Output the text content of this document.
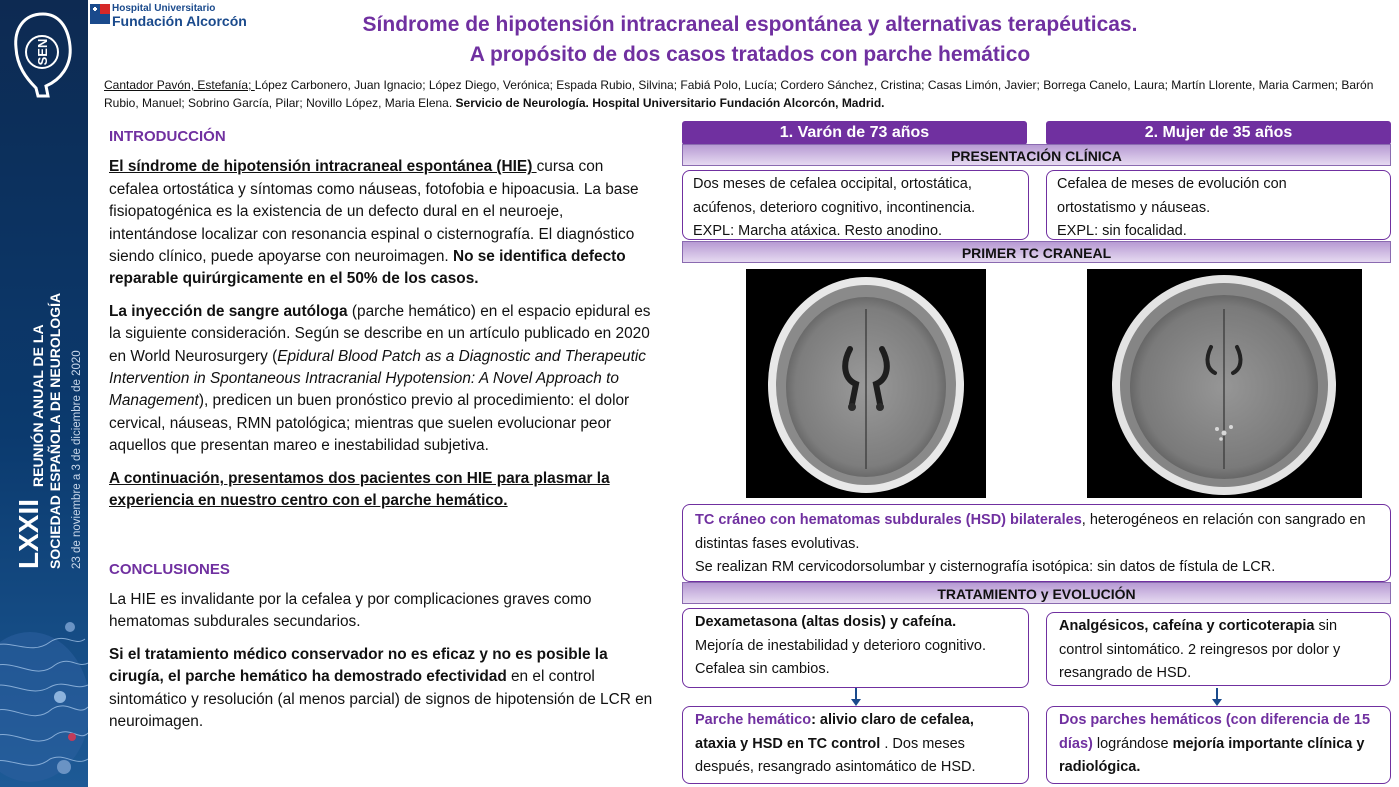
SEN
LXXII
REUNIÓN ANUAL DE LA SOCIEDAD ESPAÑOLA DE NEUROLOGÍA 23 de noviembre a 3 de diciembre de 2020
Hospital Universitario
Fundación Alcorcón	Síndrome de hipotensión intracraneal espontánea y alternativas terapéuticas.
A propósito de dos casos tratados con parche hemático
Cantador Pavón, Estefanía; López Carbonero, Juan Ignacio; López Diego, Verónica; Espada Rubio, Silvina; Fabiá Polo, Lucía; Cordero Sánchez, Cristina; Casas Limón, Javier; Borrega Canelo, Laura; Martín Llorente, Maria Carmen; Barón Rubio, Manuel; Sobrino García, Pilar; Novillo López, Maria Elena. Servicio de Neurología. Hospital Universitario Fundación Alcorcón, Madrid.
INTRODUCCIÓN

El síndrome de hipotensión intracraneal espontánea (HIE) cursa con cefalea ortostática y síntomas como náuseas, fotofobia e hipoacusia. La base fisiopatogénica es la existencia de un defecto dural en el neuroeje, intentándose localizar con resonancia espinal o cisternografía. El diagnóstico siendo clínico, puede apoyarse con neuroimagen. No se identifica defecto reparable quirúrgicamente en el 50% de los casos.

La inyección de sangre autóloga (parche hemático) en el espacio epidural es la siguiente consideración. Según se describe en un artículo publicado en 2020 en World Neurosurgery (Epidural Blood Patch as a Diagnostic and Therapeutic Intervention in Spontaneous Intracranial Hypotension: A Novel Approach to Management), predicen un buen pronóstico previo al procedimiento: el dolor cervical, náuseas, RMN patológica; mientras que suelen evolucionar peor aquellos que presentan mareo e inestabilidad subjetiva.

A continuación, presentamos dos pacientes con HIE para plasmar la experiencia en nuestro centro con el parche hemático.

CONCLUSIONES

La HIE es invalidante por la cefalea y por complicaciones graves como hematomas subdurales secundarios.

Si el tratamiento médico conservador no es eficaz y no es posible la cirugía, el parche hemático ha demostrado efectividad en el control sintomático y resolución (al menos parcial) de signos de hipotensión de LCR en neuroimagen.

1. Varón de 73 años	2. Mujer de 35 años
PRESENTACIÓN CLÍNICA
Dos meses de cefalea occipital, ortostática,
acúfenos, deterioro cognitivo, incontinencia.
EXPL: Marcha atáxica. Resto anodino.
Cefalea de meses de evolución con
ortostatismo y náuseas.
EXPL: sin focalidad.
PRIMER TC CRANEAL
TC cráneo con hematomas subdurales (HSD) bilaterales, heterogéneos en relación con sangrado en distintas fases evolutivas.
Se realizan RM cervicodorsolumbar y cisternografía isotópica: sin datos de fístula de LCR.
TRATAMIENTO y EVOLUCIÓN
Dexametasona (altas dosis) y cafeína.
Mejoría de inestabilidad y deterioro cognitivo. Cefalea sin cambios.
Analgésicos, cafeína y corticoterapia sin control sintomático. 2 reingresos por dolor y resangrado de HSD.
Parche hemático: alivio claro de cefalea, ataxia y HSD en TC control . Dos meses después, resangrado asintomático de HSD.
Dos parches hemáticos (con diferencia de 15 días) lográndose mejoría importante clínica y radiológica.
